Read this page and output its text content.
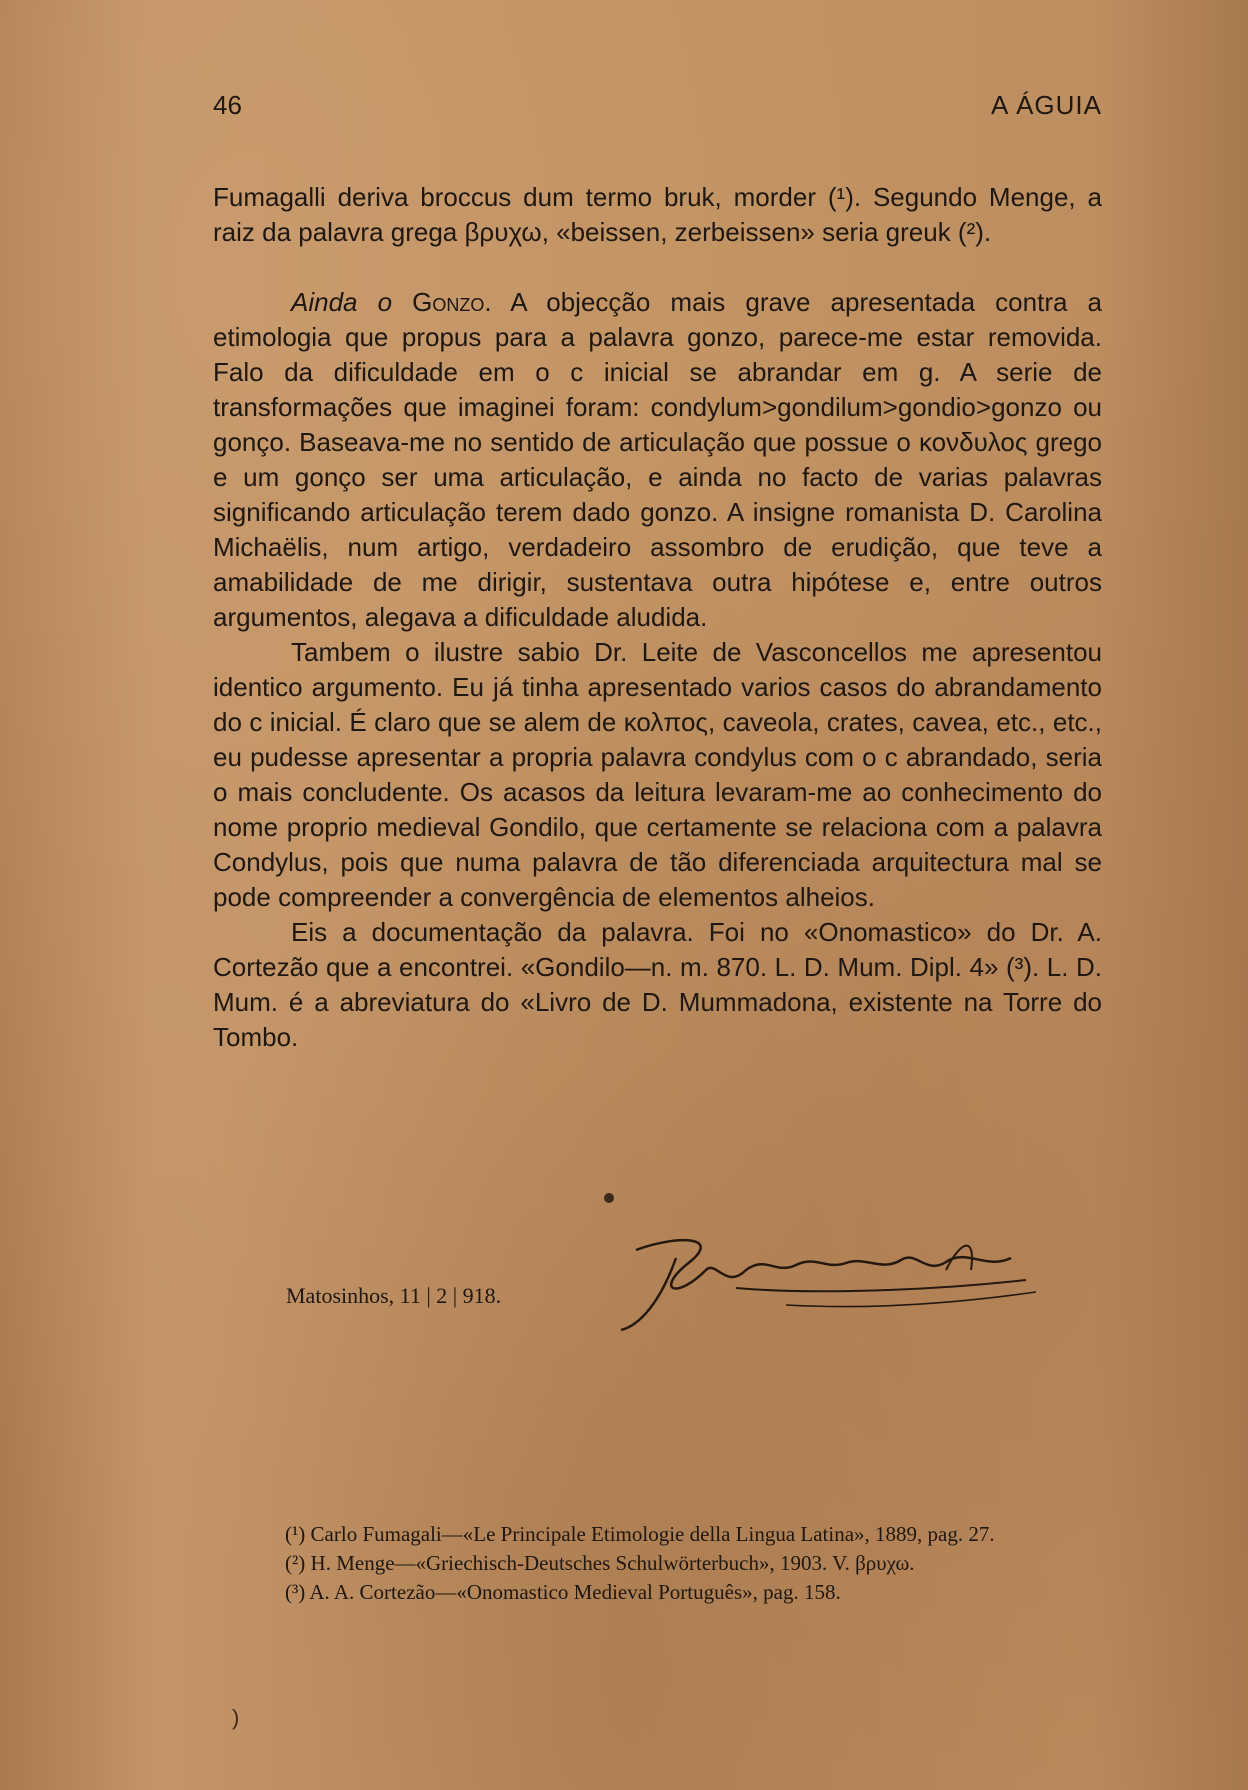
46	A ÁGUIA

Fumagalli deriva broccus dum termo bruk, morder (¹). Segundo Menge, a raiz da palavra grega βρυχω, «beissen, zerbeissen» seria greuk (²).

Ainda o Gonzo. A objecção mais grave apresentada contra a etimologia que propus para a palavra gonzo, parece-me estar removida. Falo da dificuldade em o c inicial se abrandar em g. A serie de transformações que imaginei foram: condylum>gondilum>gondio>gonzo ou gonço. Baseava-me no sentido de articulação que possue o κονδυλος grego e um gonço ser uma articulação, e ainda no facto de varias palavras significando articulação terem dado gonzo. A insigne romanista D. Carolina Michaëlis, num artigo, verdadeiro assombro de erudição, que teve a amabilidade de me dirigir, sustentava outra hipótese e, entre outros argumentos, alegava a dificuldade aludida.

Tambem o ilustre sabio Dr. Leite de Vasconcellos me apresentou identico argumento. Eu já tinha apresentado varios casos do abrandamento do c inicial. É claro que se alem de κολπος, caveola, crates, cavea, etc., etc., eu pudesse apresentar a propria palavra condylus com o c abrandado, seria o mais concludente. Os acasos da leitura levaram-me ao conhecimento do nome proprio medieval Gondilo, que certamente se relaciona com a palavra Condylus, pois que numa palavra de tão diferenciada arquitectura mal se pode compreender a convergência de elementos alheios.

Eis a documentação da palavra. Foi no «Onomastico» do Dr. A. Cortezão que a encontrei. «Gondilo—n. m. 870. L. D. Mum. Dipl. 4» (³). L. D. Mum. é a abreviatura do «Livro de D. Mummadona, existente na Torre do Tombo.

Matosinhos, 11 | 2 | 918.

(¹) Carlo Fumagali—«Le Principale Etimologie della Lingua Latina», 1889, pag. 27.

(²) H. Menge—«Griechisch-Deutsches Schulwörterbuch», 1903. V. βρυχω.

(³) A. A. Cortezão—«Onomastico Medieval Português», pag. 158.

)
